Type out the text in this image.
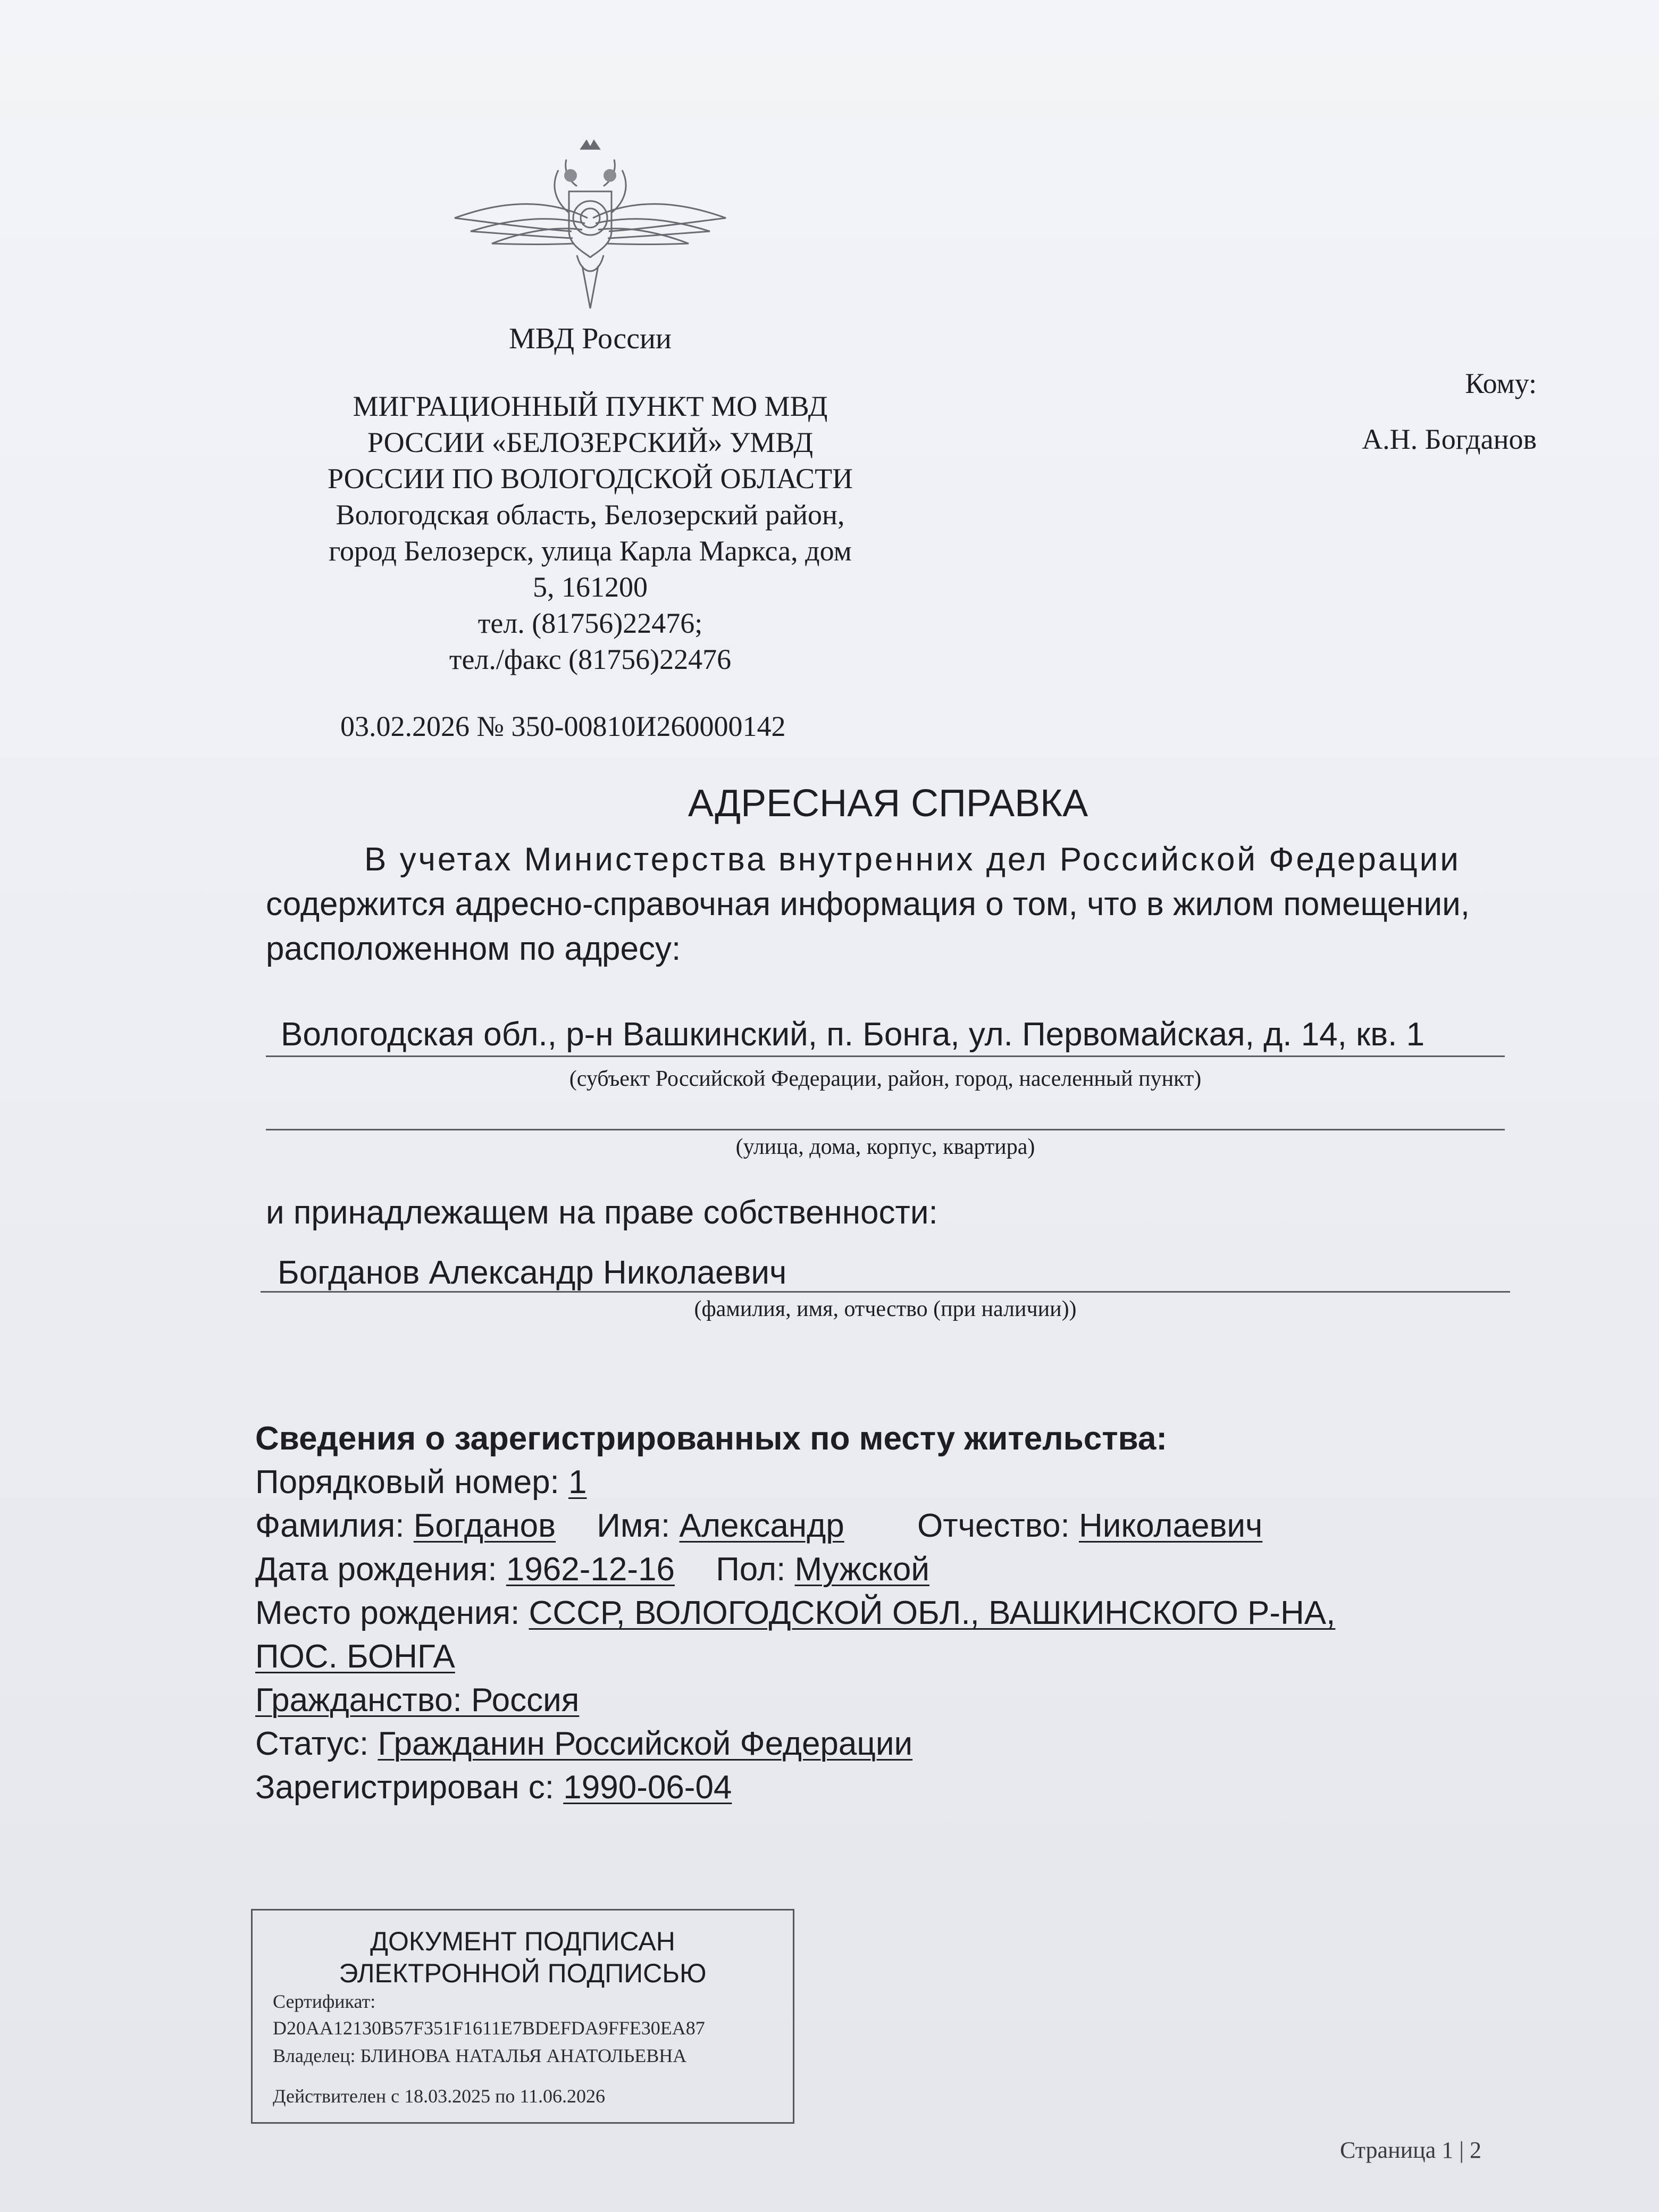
МВД России
МИГРАЦИОННЫЙ ПУНКТ МО МВД
РОССИИ «БЕЛОЗЕРСКИЙ» УМВД
РОССИИ ПО ВОЛОГОДСКОЙ ОБЛАСТИ
Вологодская область, Белозерский район,
город Белозерск, улица Карла Маркса, дом
5, 161200
тел. (81756)22476;
тел./факс (81756)22476
03.02.2026 № 350-00810И260000142
Кому:
А.Н. Богданов
АДРЕСНАЯ СПРАВКА
В учетах Министерства внутренних дел Российской Федерации
содержится адресно-справочная информация о том, что в жилом помещении,
расположенном по адресу:
Вологодская обл., р-н Вашкинский, п. Бонга, ул. Первомайская, д. 14, кв. 1
(субъект Российской Федерации, район, город, населенный пункт)
(улица, дома, корпус, квартира)
и принадлежащем на праве собственности:
Богданов Александр Николаевич
(фамилия, имя, отчество (при наличии))
Сведения о зарегистрированных по месту жительства:
Порядковый номер: 1
Фамилия: Богданов Имя: Александр Отчество: Николаевич
Дата рождения: 1962-12-16 Пол: Мужской
Место рождения: СССР, ВОЛОГОДСКОЙ ОБЛ., ВАШКИНСКОГО Р-НА,
ПОС. БОНГА
Гражданство: Россия
Статус: Гражданин Российской Федерации
Зарегистрирован с: 1990-06-04
ДОКУМЕНТ ПОДПИСАН
ЭЛЕКТРОННОЙ ПОДПИСЬЮ
Сертификат:
D20AA12130B57F351F1611E7BDEFDA9FFE30EA87
Владелец: БЛИНОВА НАТАЛЬЯ АНАТОЛЬЕВНА
Действителен с 18.03.2025 по 11.06.2026
Страница 1 | 2
